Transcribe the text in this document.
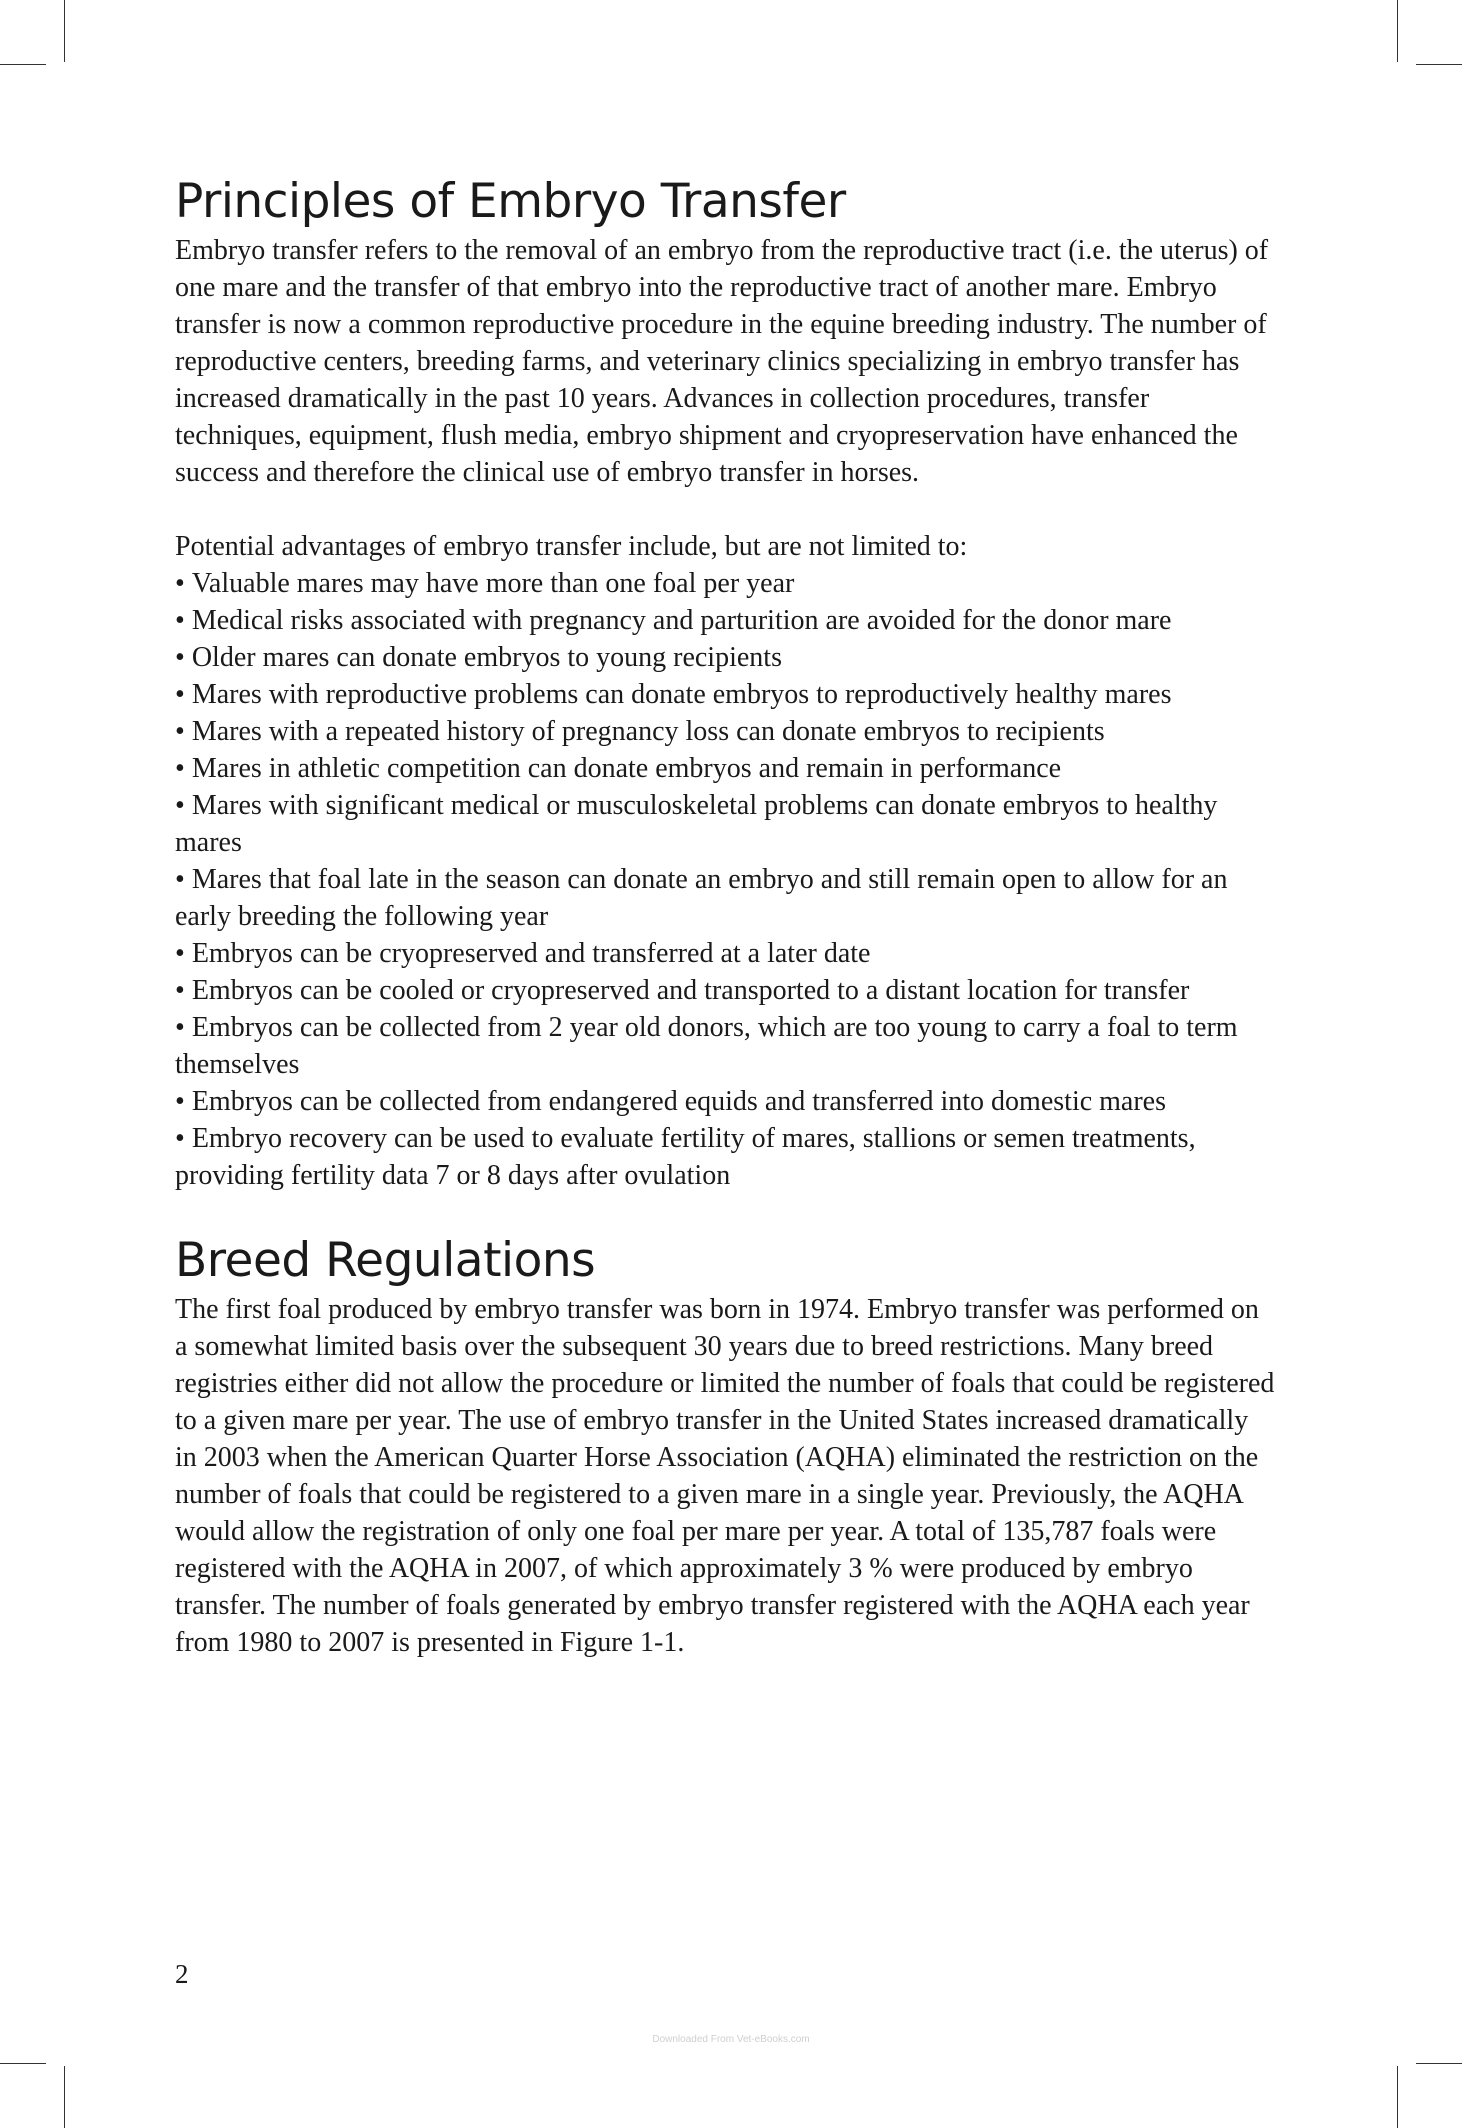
Principles of Embryo Transfer

Embryo transfer refers to the removal of an embryo from the reproductive tract (i.e. the uterus) of one mare and the transfer of that embryo into the reproductive tract of another mare. Embryo transfer is now a common reproductive procedure in the equine breeding industry. The number of reproductive centers, breeding farms, and veterinary clinics specializing in embryo transfer has increased dramatically in the past 10 years. Advances in collection procedures, transfer techniques, equipment, flush media, embryo shipment and cryopreservation have enhanced the success and therefore the clinical use of embryo transfer in horses.

Potential advantages of embryo transfer include, but are not limited to:

• Valuable mares may have more than one foal per year
• Medical risks associated with pregnancy and parturition are avoided for the donor mare
• Older mares can donate embryos to young recipients
• Mares with reproductive problems can donate embryos to reproductively healthy mares
• Mares with a repeated history of pregnancy loss can donate embryos to recipients
• Mares in athletic competition can donate embryos and remain in performance
• Mares with significant medical or musculoskeletal problems can donate embryos to healthy mares
• Mares that foal late in the season can donate an embryo and still remain open to allow for an early breeding the following year
• Embryos can be cryopreserved and transferred at a later date
• Embryos can be cooled or cryopreserved and transported to a distant location for transfer
• Embryos can be collected from 2 year old donors, which are too young to carry a foal to term themselves
• Embryos can be collected from endangered equids and transferred into domestic mares
• Embryo recovery can be used to evaluate fertility of mares, stallions or semen treatments, providing fertility data 7 or 8 days after ovulation
Breed Regulations

The first foal produced by embryo transfer was born in 1974. Embryo transfer was performed on a somewhat limited basis over the subsequent 30 years due to breed restrictions. Many breed registries either did not allow the procedure or limited the number of foals that could be registered to a given mare per year. The use of embryo transfer in the United States increased dramatically in 2003 when the American Quarter Horse Association (AQHA) eliminated the restriction on the number of foals that could be registered to a given mare in a single year. Previously, the AQHA would allow the registration of only one foal per mare per year. A total of 135,787 foals were registered with the AQHA in 2007, of which approximately 3 % were produced by embryo transfer. The number of foals generated by embryo transfer registered with the AQHA each year from 1980 to 2007 is presented in Figure 1-1.

2
Downloaded From Vet-eBooks.com
